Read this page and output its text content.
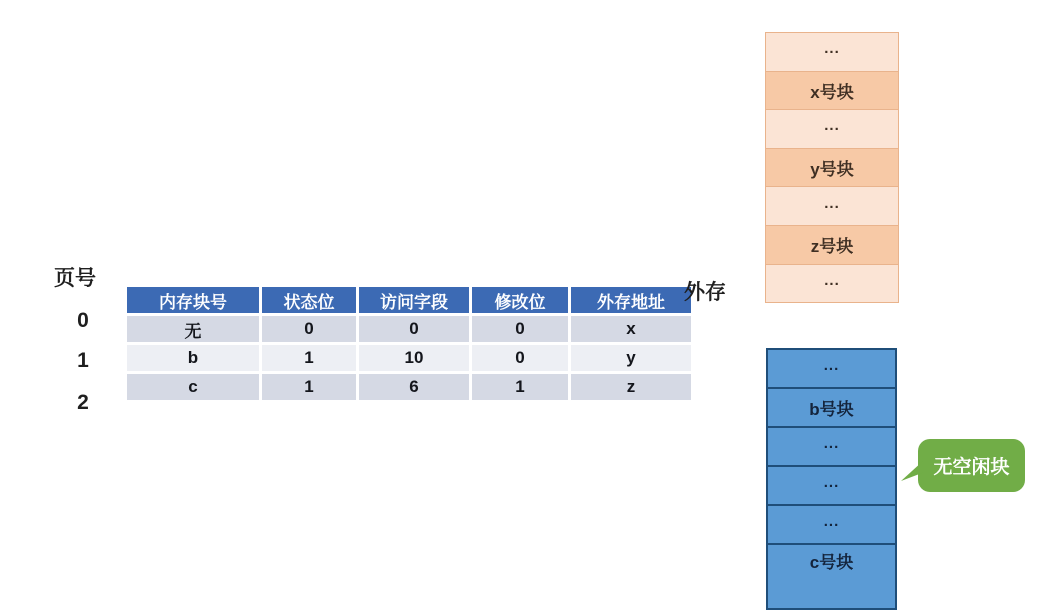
页号
0
1
2
内存块号	状态位	访问字段	修改位	外存地址
无	0	0	0	x
b	1	10	0	y
c	1	6	1	z
外存
...
x号块
...
y号块
...
z号块
...
...
b号块
...
...
...
c号块
无空闲块
